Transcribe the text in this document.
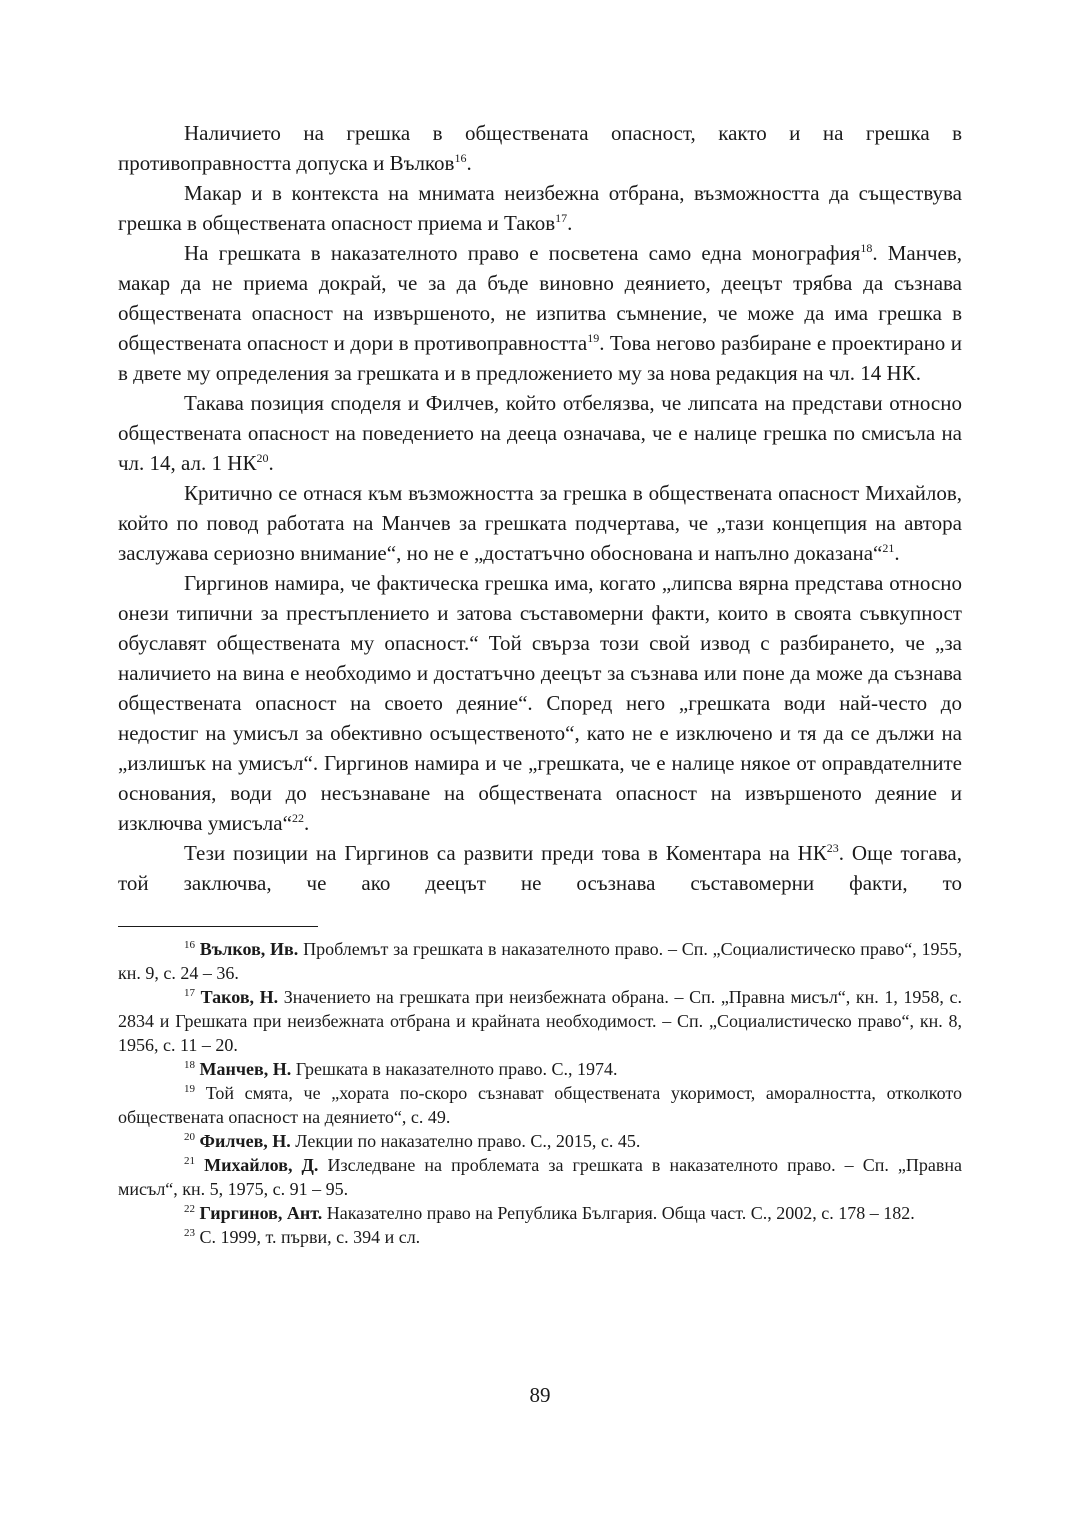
Наличието на грешка в обществената опасност, както и на грешка в противоправността допуска и Вълков$^{16}$.

Макар и в контекста на мнимата неизбежна отбрана, възможността да съществува грешка в обществената опасност приема и Таков$^{17}$.

На грешката в наказателното право е посветена само една монография$^{18}$. Манчев, макар да не приема докрай, че за да бъде виновно деянието, деецът трябва да съзнава обществената опасност на извършеното, не изпитва съмнение, че може да има грешка в обществената опасност и дори в противоправността$^{19}$. Това негово разбиране е проектирано и в двете му определения за грешката и в предложението му за нова редакция на чл. 14 НК.

Такава позиция споделя и Филчев, който отбелязва, че липсата на представи относно обществената опасност на поведението на дееца означава, че е налице грешка по смисъла на чл. 14, ал. 1 НК$^{20}$.

Критично се отнася към възможността за грешка в обществената опасност Михайлов, който по повод работата на Манчев за грешката подчертава, че „тази концепция на автора заслужава сериозно внимание“, но не е „достатъчно обоснована и напълно доказана“$^{21}$.

Гиргинов намира, че фактическа грешка има, когато „липсва вярна представа относно онези типични за престъплението и затова съставомерни факти, които в своята съвкупност обуславят обществената му опасност.“ Той свърза този свой извод с разбирането, че „за наличието на вина е необходимо и достатъчно деецът за съзнава или поне да може да съзнава обществената опасност на своето деяние“. Според него „грешката води най-често до недостиг на умисъл за обективно осъщественото“, като не е изключено и тя да се дължи на „излишък на умисъл“. Гиргинов намира и че „грешката, че е налице някое от оправдателните основания, води до несъзнаване на обществената опасност на извършеното деяние и изключва умисъла“$^{22}$.

Тези позиции на Гиргинов са развити преди това в Коментара на НК$^{23}$. Още тогава, той заключва, че ако деецът не осъзнава съставомерни факти, то

$^{16}$ Вълков, Ив. Проблемът за грешката в наказателното право. – Сп. „Социалистическо право“, 1955, кн. 9, с. 24 – 36.

$^{17}$ Таков, Н. Значението на грешката при неизбежната обрана. – Сп. „Правна мисъл“, кн. 1, 1958, с. 2834 и Грешката при неизбежната отбрана и крайната необходимост. – Сп. „Социалистическо право“, кн. 8, 1956, с. 11 – 20.

$^{18}$ Манчев, Н. Грешката в наказателното право. С., 1974.

$^{19}$ Той смята, че „хората по-скоро съзнават обществената укоримост, аморалността, отколкото обществената опасност на деянието“, с. 49.

$^{20}$ Филчев, Н. Лекции по наказателно право. С., 2015, с. 45.

$^{21}$ Михайлов, Д. Изследване на проблемата за грешката в наказателното право. – Сп. „Правна мисъл“, кн. 5, 1975, с. 91 – 95.

$^{22}$ Гиргинов, Ант. Наказателно право на Република България. Обща част. С., 2002, с. 178 – 182.

$^{23}$ С. 1999, т. първи, с. 394 и сл.

89
